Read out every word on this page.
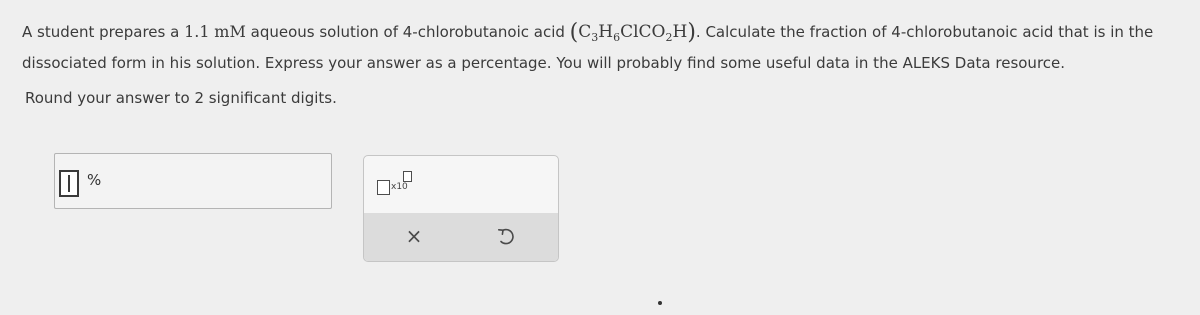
A student prepares a 1.1 mM aqueous solution of 4-chlorobutanoic acid $(C_3H_6ClCO_2H)$. Calculate the fraction of 4-chlorobutanoic acid that is in the
dissociated form in his solution. Express your answer as a percentage. You will probably find some useful data in the ALEKS Data resource.
Round your answer to 2 significant digits.
%	x10
×
